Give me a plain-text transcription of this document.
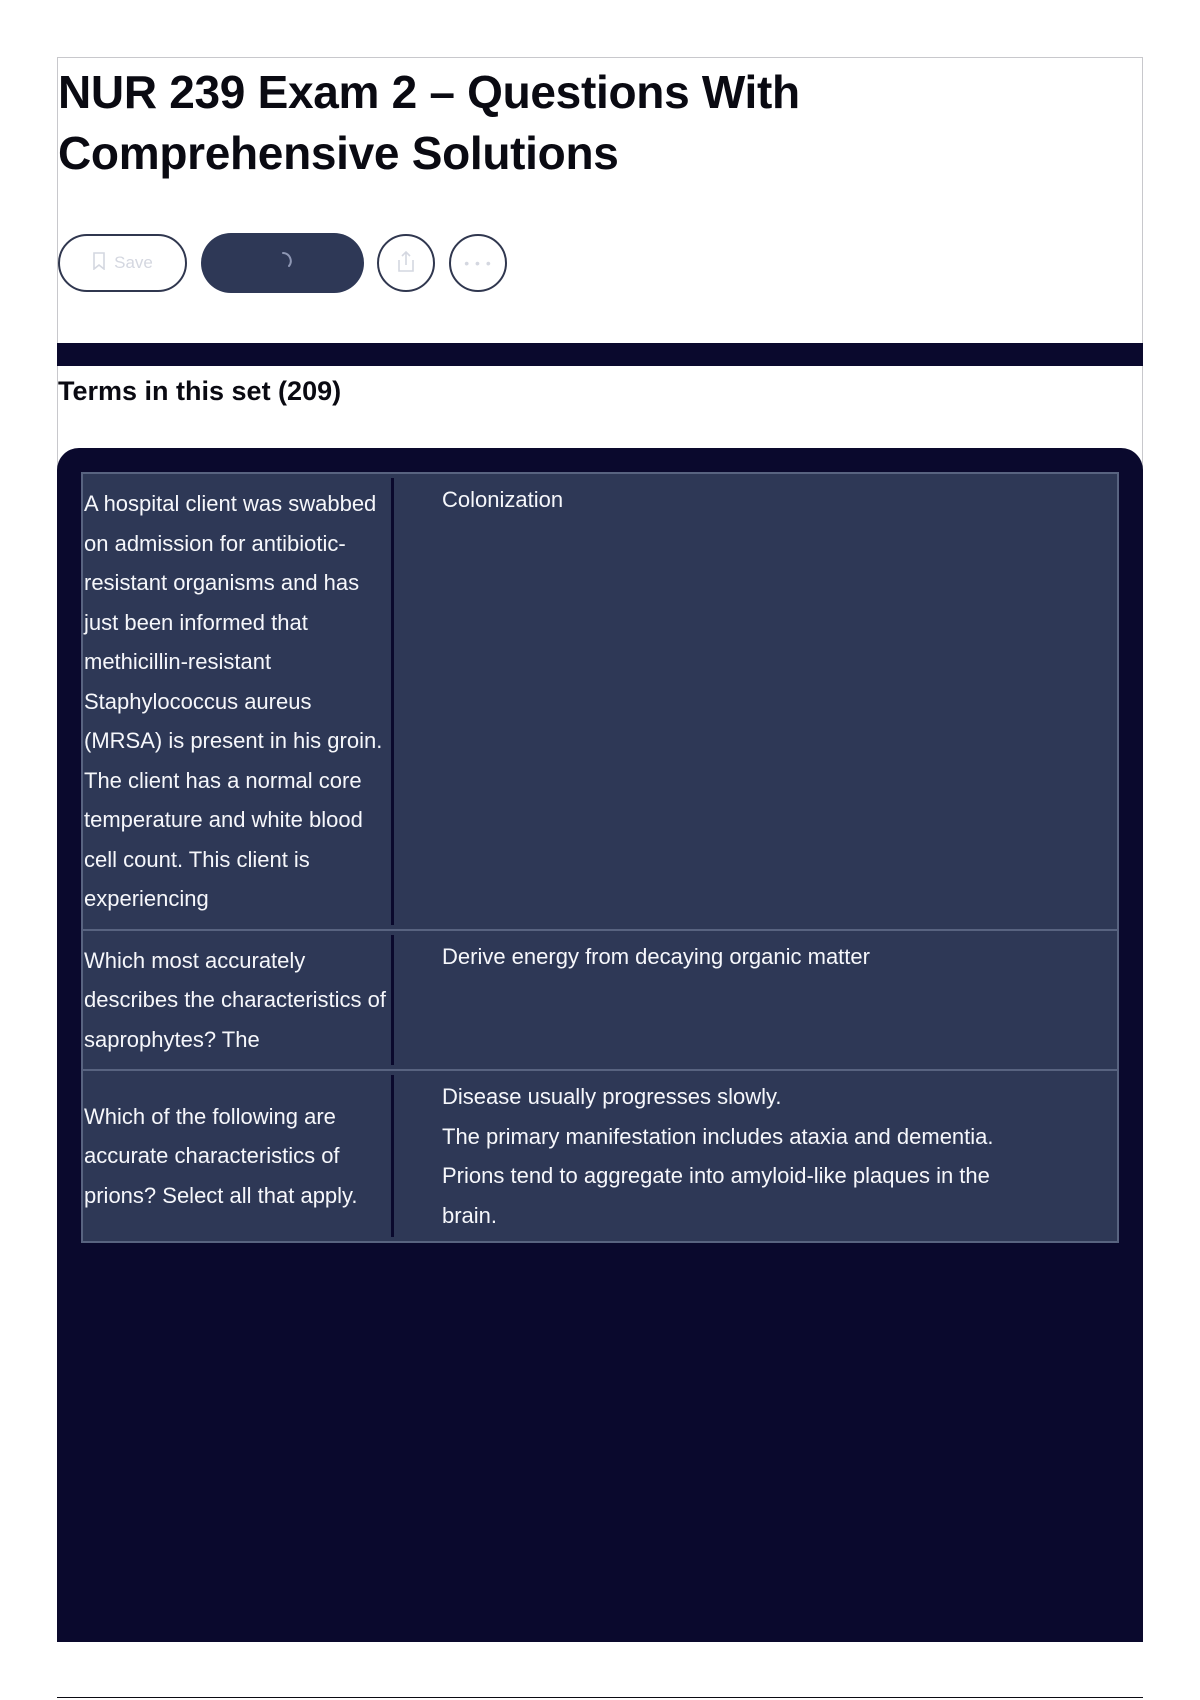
NUR 239 Exam 2 – Questions With Comprehensive Solutions
Save	• • •
Terms in this set (209)
A hospital client was swabbed on admission for antibiotic-resistant organisms and has just been informed that methicillin-resistant Staphylococcus aureus (MRSA) is present in his groin. The client has a normal core temperature and white blood cell count. This client is experiencing
Colonization
Which most accurately describes the characteristics of saprophytes? The
Derive energy from decaying organic matter
Which of the following are accurate characteristics of prions? Select all that apply.
Disease usually progresses slowly.
The primary manifestation includes ataxia and dementia.
Prions tend to aggregate into amyloid-like plaques in the brain.
